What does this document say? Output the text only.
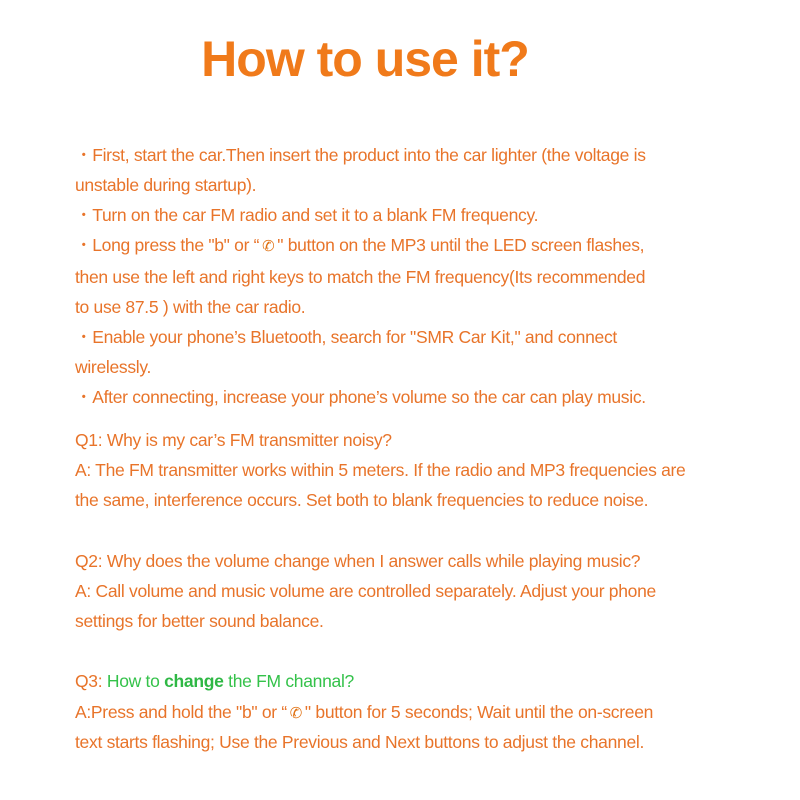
How to use it?
・First, start the car.Then insert the product into the car lighter (the voltage is
unstable during startup).
・Turn on the car FM radio and set it to a blank FM frequency.
・Long press the "b" or “ ✆ " button on the MP3 until the LED screen flashes,
then use the left and right keys to match the FM frequency(Its recommended
to use 87.5 ) with the car radio.
・Enable your phone’s Bluetooth, search for "SMR Car Kit," and connect
wirelessly.
・After connecting, increase your phone’s volume so the car can play music.
Q1: Why is my car’s FM transmitter noisy?
A: The FM transmitter works within 5 meters. If the radio and MP3 frequencies are
the same, interference occurs. Set both to blank frequencies to reduce noise.
Q2: Why does the volume change when I answer calls while playing music?
A: Call volume and music volume are controlled separately. Adjust your phone
settings for better sound balance.
Q3: How to change the FM channal?
A:Press and hold the "b" or “ ✆ " button for 5 seconds; Wait until the on-screen
text starts flashing; Use the Previous and Next buttons to adjust the channel.
